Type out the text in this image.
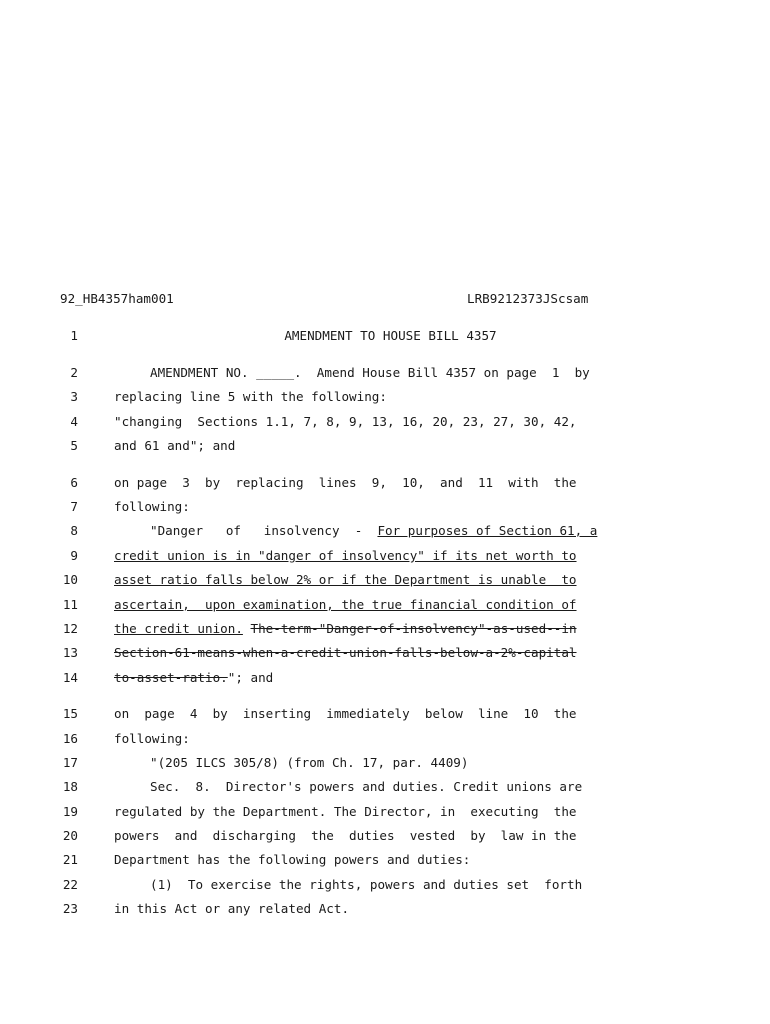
92_HB4357ham001	LRB9212373JScsam
1	AMENDMENT TO HOUSE BILL 4357
2	AMENDMENT NO. _____.  Amend House Bill 4357 on page  1  by
3	replacing line 5 with the following:
4	"changing  Sections 1.1, 7, 8, 9, 13, 16, 20, 23, 27, 30, 42,
5	and 61 and"; and
6	on page  3  by  replacing  lines  9,  10,  and  11  with  the
7	following:
8	"Danger   of   insolvency  -  For purposes of Section 61, a
9	credit union is in "danger of insolvency" if its net worth to
10	asset ratio falls below 2% or if the Department is unable  to
11	ascertain,  upon examination, the true financial condition of
12	the credit union. The-term-"Danger-of-insolvency"-as-used--in
13	Section-61-means-when-a-credit-union-falls-below-a-2%-capital
14	to-asset-ratio."; and
15	on  page  4  by  inserting  immediately  below  line  10  the
16	following:
17	"(205 ILCS 305/8) (from Ch. 17, par. 4409)
18	Sec.  8.  Director's powers and duties. Credit unions are
19	regulated by the Department. The Director, in  executing  the
20	powers  and  discharging  the  duties  vested  by  law in the
21	Department has the following powers and duties:
22	(1)  To exercise the rights, powers and duties set  forth
23	in this Act or any related Act.
